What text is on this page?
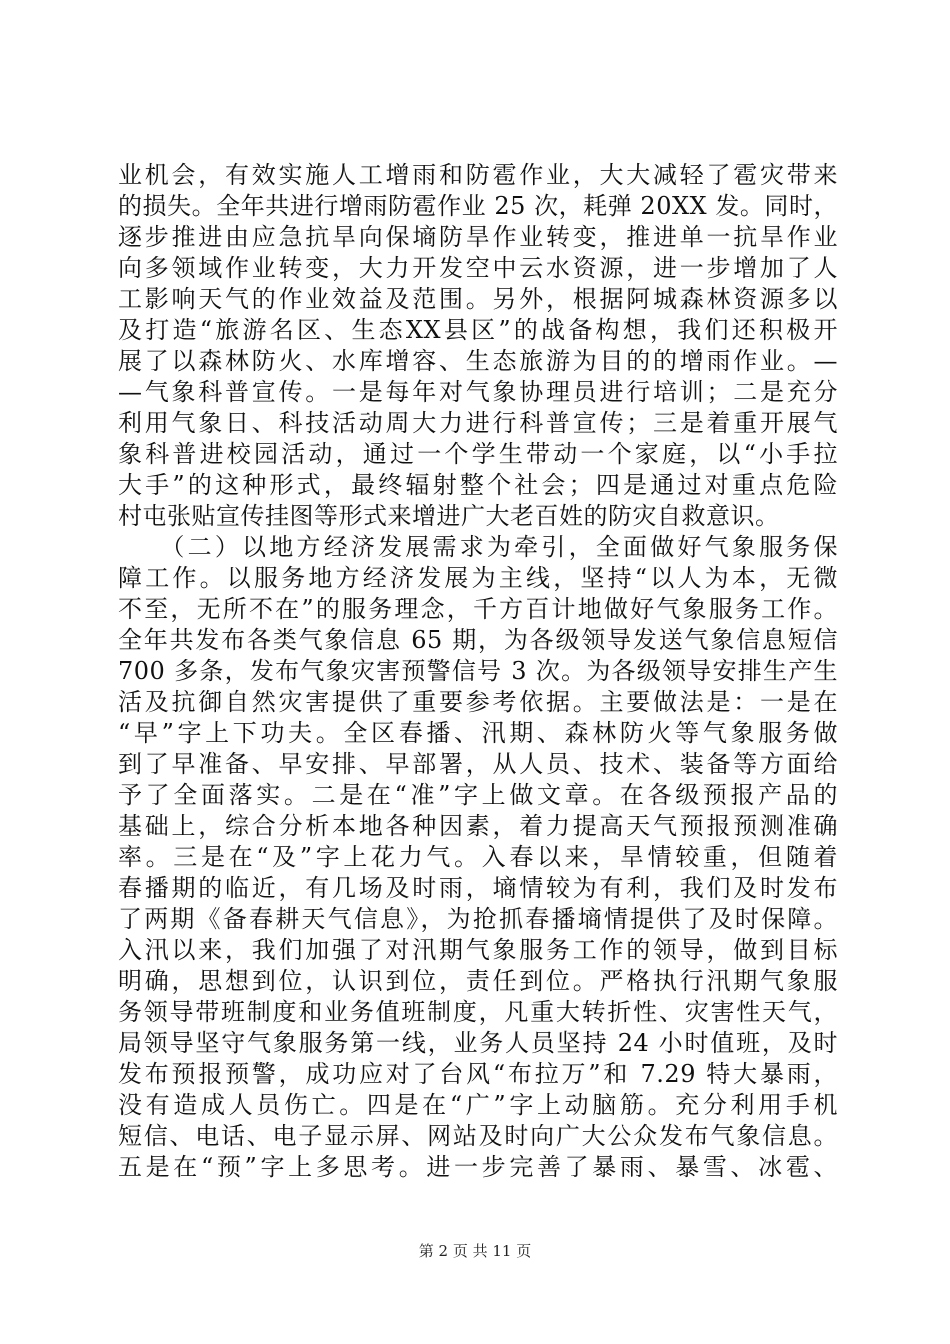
业机会，有效实施人工增雨和防雹作业，大大减轻了雹灾带来
的损失。全年共进行增雨防雹作业 25 次，耗弹 20XX 发。同时，
逐步推进由应急抗旱向保墒防旱作业转变，推进单一抗旱作业
向多领域作业转变，大力开发空中云水资源，进一步增加了人
工影响天气的作业效益及范围。另外，根据阿城森林资源多以
及打造“旅游名区、生态XX县区”的战备构想，我们还积极开
展了以森林防火、水库增容、生态旅游为目的的增雨作业。—
—气象科普宣传。一是每年对气象协理员进行培训；二是充分
利用气象日、科技活动周大力进行科普宣传；三是着重开展气
象科普进校园活动，通过一个学生带动一个家庭，以“小手拉
大手”的这种形式，最终辐射整个社会；四是通过对重点危险
村屯张贴宣传挂图等形式来增进广大老百姓的防灾自救意识。
　　（二）以地方经济发展需求为牵引，全面做好气象服务保
障工作。以服务地方经济发展为主线，坚持“以人为本，无微
不至，无所不在”的服务理念，千方百计地做好气象服务工作。
全年共发布各类气象信息 65 期，为各级领导发送气象信息短信
700 多条，发布气象灾害预警信号 3 次。为各级领导安排生产生
活及抗御自然灾害提供了重要参考依据。主要做法是：一是在
“早”字上下功夫。全区春播、汛期、森林防火等气象服务做
到了早准备、早安排、早部署，从人员、技术、装备等方面给
予了全面落实。二是在“准”字上做文章。在各级预报产品的
基础上，综合分析本地各种因素，着力提高天气预报预测准确
率。三是在“及”字上花力气。入春以来，旱情较重，但随着
春播期的临近，有几场及时雨，墒情较为有利，我们及时发布
了两期《备春耕天气信息》，为抢抓春播墒情提供了及时保障。
入汛以来，我们加强了对汛期气象服务工作的领导，做到目标
明确，思想到位，认识到位，责任到位。严格执行汛期气象服
务领导带班制度和业务值班制度，凡重大转折性、灾害性天气，
局领导坚守气象服务第一线，业务人员坚持 24 小时值班，及时
发布预报预警，成功应对了台风“布拉万”和 7.29 特大暴雨，
没有造成人员伤亡。四是在“广”字上动脑筋。充分利用手机
短信、电话、电子显示屏、网站及时向广大公众发布气象信息。
五是在“预”字上多思考。进一步完善了暴雨、暴雪、冰雹、
第 2 页 共 11 页
